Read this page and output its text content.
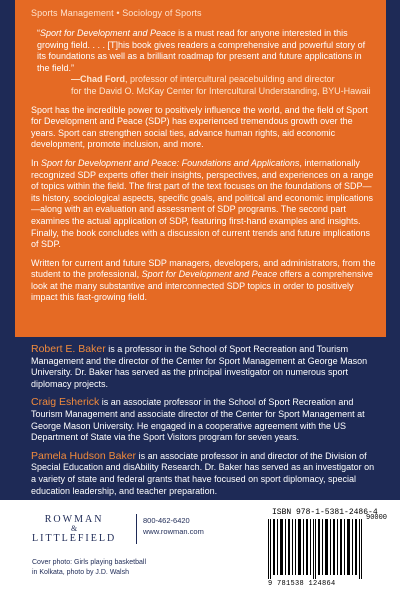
Sports Management • Sociology of Sports

“Sport for Development and Peace is a must read for anyone interested in this growing field. . . . [T]his book gives readers a comprehensive and powerful story of its foundations as well as a brilliant roadmap for present and future applications in the field.”
—Chad Ford, professor of intercultural peacebuilding and director
for the David O. McKay Center for Intercultural Understanding, BYU-Hawaii

Sport has the incredible power to positively influence the world, and the field of Sport for Development and Peace (SDP) has experienced tremendous growth over the years. Sport can strengthen social ties, advance human rights, aid economic development, promote inclusion, and more.

In Sport for Development and Peace: Foundations and Applications, internationally recognized SDP experts offer their insights, perspectives, and experiences on a range of topics within the field. The first part of the text focuses on the foundations of SDP—its history, sociological aspects, specific goals, and political and economic implications—along with an evaluation and assessment of SDP programs. The second part examines the actual application of SDP, featuring first-hand examples and insights. Finally, the book concludes with a discussion of current trends and future implications of SDP.

Written for current and future SDP managers, developers, and administrators, from the student to the professional, Sport for Development and Peace offers a comprehensive look at the many substantive and interconnected SDP topics in order to positively impact this fast-growing field.

Robert E. Baker is a professor in the School of Sport Recreation and Tourism Management and the director of the Center for Sport Management at George Mason University. Dr. Baker has served as the principal investigator on numerous sport diplomacy projects.

Craig Esherick is an associate professor in the School of Sport Recreation and Tourism Management and associate director of the Center for Sport Management at George Mason University. He engaged in a cooperative agreement with the US Department of State via the Sport Visitors program for seven years.

Pamela Hudson Baker is an associate professor in and director of the Division of Special Education and disAbility Research. Dr. Baker has served as an investigator on a variety of state and federal grants that have focused on sport diplomacy, special education leadership, and teacher preparation.

ROWMAN
&
LITTLEFIELD
800-462-6420
www.rowman.com
Cover photo: Girls playing basketball
in Kolkata, photo by J.D. Walsh
ISBN 978-1-5381-2486-4
90000
9 781538 124864
